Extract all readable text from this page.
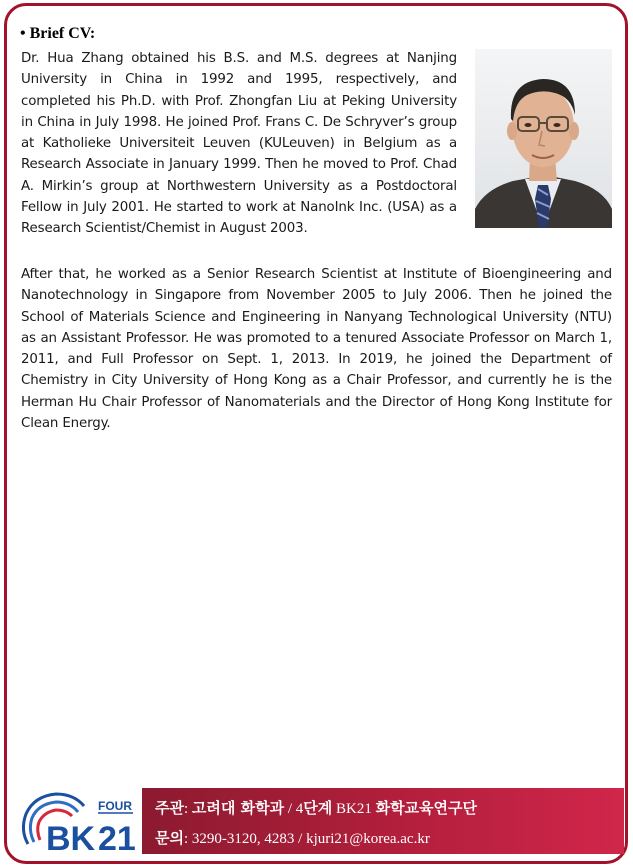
• Brief CV:

Dr. Hua Zhang obtained his B.S. and M.S. degrees at Nanjing University in China in 1992 and 1995, respectively, and completed his Ph.D. with Prof. Zhongfan Liu at Peking University in China in July 1998. He joined Prof. Frans C. De Schryver’s group at Katholieke Universiteit Leuven (KULeuven) in Belgium as a Research Associate in January 1999. Then he moved to Prof. Chad A. Mirkin’s group at Northwestern University as a Postdoctoral Fellow in July 2001. He started to work at NanoInk Inc. (USA) as a Research Scientist/Chemist in August 2003.

After that, he worked as a Senior Research Scientist at Institute of Bioengineering and Nanotechnology in Singapore from November 2005 to July 2006. Then he joined the School of Materials Science and Engineering in Nanyang Technological University (NTU) as an Assistant Professor. He was promoted to a tenured Associate Professor on March 1, 2011, and Full Professor on Sept. 1, 2013. In 2019, he joined the Department of Chemistry in City University of Hong Kong as a Chair Professor, and currently he is the Herman Hu Chair Professor of Nanomaterials and the Director of Hong Kong Institute for Clean Energy.

FOUR
BK 21
주관: 고려대 화학과 / 4단계 BK21 화학교육연구단
문의: 3290-3120, 4283 / kjuri21@korea.ac.kr
